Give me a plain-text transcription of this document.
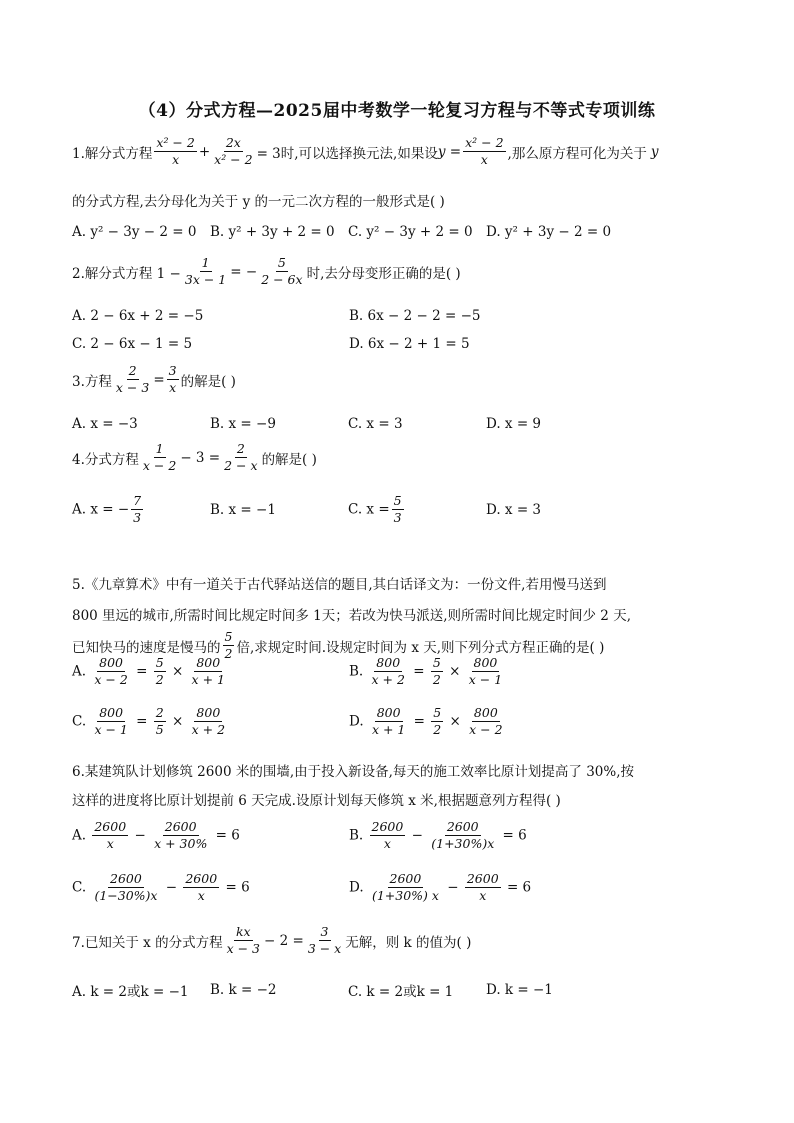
（4）分式方程—2025届中考数学一轮复习方程与不等式专项训练
1.解分式方程 $\frac{\text{x² − 2}}{x} + \frac{2x}{\text{x² − 2}} = 3$时,可以选择换元法,如果设 $y = \frac{\text{x² − 2}}{x}$ ,那么原方程可化为关于 y
的分式方程,去分母化为关于 y 的一元二次方程的一般形式是( )
A. y² − 3y − 2 = 0	B. y² + 3y + 2 = 0 C. y² − 3y + 2 = 0 D. y² + 3y − 2 = 0
2.解分式方程 $1 - \frac{1}{3x - 1}$ = − $\frac{5}{2 - 6x}$ 时,去分母变形正确的是( )
A. 2 − 6x + 2 = −5	B. 6x − 2 − 2 = −5
C. 2 − 6x − 1 = 5	D. 6x − 2 + 1 = 5
3.方程 $\frac{2}{x - 3} = \frac{3}{x}$ 的解是( )
A. x = −3	B. x = −9	C. x = 3	D. x = 9
4.分式方程 $\frac{1}{x - 2} - 3 = \frac{2}{2 - x}$ 的解是( )
A. x = − $\frac{7}{3}$	B. x = −1	C. $x = \frac{5}{3}$	D. x = 3
5.《九章算术》中有一道关于古代驿站送信的题目,其白话译文为：一份文件,若用慢马送到
800 里远的城市,所需时间比规定时间多 1天；若改为快马派送,则所需时间比规定时间少 2 天,
已知快马的速度是慢马的 $\frac{5}{2}$ 倍,求规定时间.设规定时间为 x 天,则下列分式方程正确的是( )
A. $\frac{800}{x - 2} = \frac{5}{2} \times \frac{800}{x + 1}$	B. $\frac{800}{x + 2} = \frac{5}{2} \times \frac{800}{x - 1}$
C. $\frac{800}{x - 1} = \frac{2}{5} \times \frac{800}{x + 2}$	D. $\frac{800}{x + 1} = \frac{5}{2} \times \frac{800}{x - 2}$
6.某建筑队计划修筑 2600 米的围墙,由于投入新设备,每天的施工效率比原计划提高了 30%,按
这样的进度将比原计划提前 6 天完成.设原计划每天修筑 x 米,根据题意列方程得( )
A. $\frac{2600}{x} - \frac{2600}{x + 30\%} = 6$	B. $\frac{2600}{x} - \frac{2600}{(1+30\%)x} = 6$
C. $\frac{2600}{(1-30\%)x} - \frac{2600}{x} = 6$	D. $\frac{2600}{(1+30\%) x} - \frac{2600}{x} = 6$
7.已知关于 x 的分式方程 $\frac{kx}{x - 3} - 2 = \frac{3}{3 - x}$ 无解，则 k 的值为( )
A. k = 2或k = −1	B. k = −2	C. k = 2或k = 1	D. k = −1
